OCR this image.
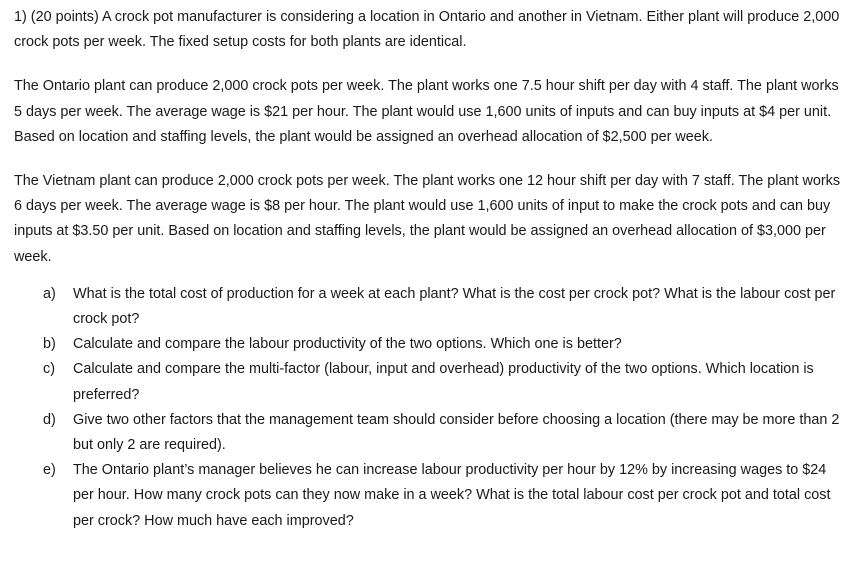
1) (20 points) A crock pot manufacturer is considering a location in Ontario and another in Vietnam. Either plant will produce 2,000 crock pots per week. The fixed setup costs for both plants are identical.

The Ontario plant can produce 2,000 crock pots per week. The plant works one 7.5 hour shift per day with 4 staff. The plant works 5 days per week. The average wage is $21 per hour. The plant would use 1,600 units of inputs and can buy inputs at $4 per unit. Based on location and staffing levels, the plant would be assigned an overhead allocation of $2,500 per week.

The Vietnam plant can produce 2,000 crock pots per week. The plant works one 12 hour shift per day with 7 staff. The plant works 6 days per week. The average wage is $8 per hour. The plant would use 1,600 units of input to make the crock pots and can buy inputs at $3.50 per unit. Based on location and staffing levels, the plant would be assigned an overhead allocation of $3,000 per week.

a) What is the total cost of production for a week at each plant? What is the cost per crock pot? What is the labour cost per crock pot?
b) Calculate and compare the labour productivity of the two options. Which one is better?
c) Calculate and compare the multi-factor (labour, input and overhead) productivity of the two options. Which location is preferred?
d) Give two other factors that the management team should consider before choosing a location (there may be more than 2 but only 2 are required).
e) The Ontario plant’s manager believes he can increase labour productivity per hour by 12% by increasing wages to $24 per hour. How many crock pots can they now make in a week? What is the total labour cost per crock pot and total cost per crock? How much have each improved?
